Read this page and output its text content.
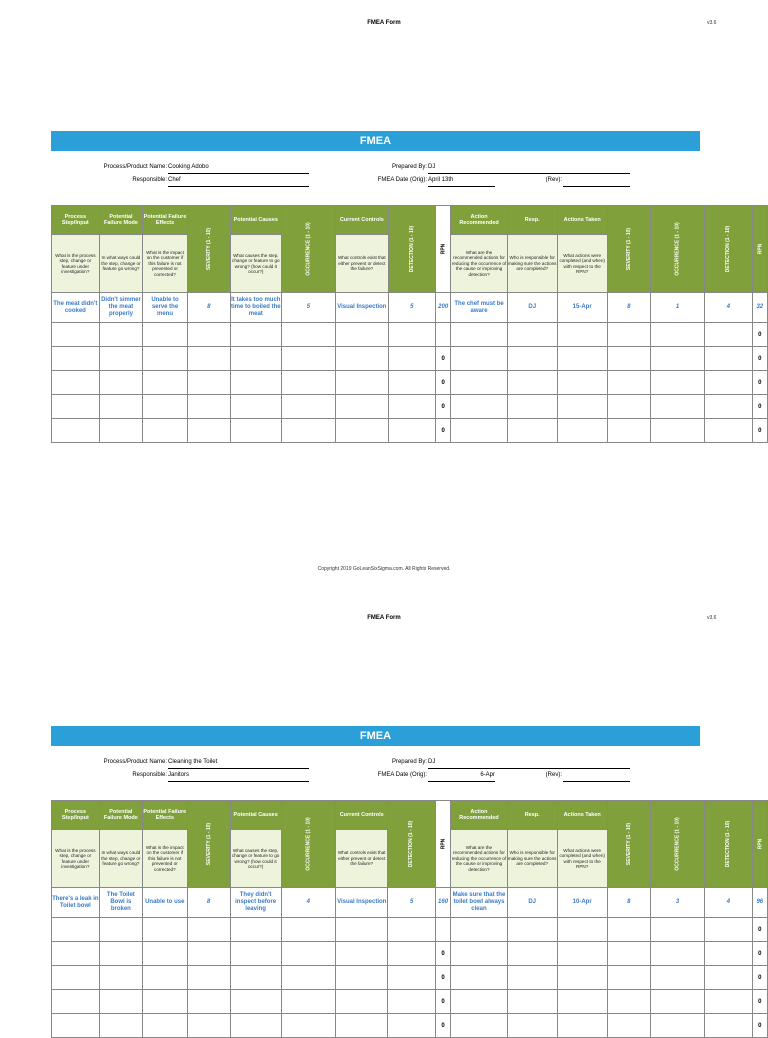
FMEA Form	v3.6
FMEA
Process/Product Name: Cooking Adobo
Responsible: Chef
Prepared By: DJ
FMEA Date (Orig): April 13th	(Rev):
Process Step/Input	Potential Failure Mode	Potential Failure Effects	SEVERITY (1 - 10)	Potential Causes	OCCURRENCE (1 - 10)	Current Controls	DETECTION (1 - 10)	RPN	Action Recommended	Resp.	Actions Taken	SEVERITY (1 - 10)	OCCURRENCE (1 - 10)	DETECTION (1 - 10)	RPN
What is the process step, change or feature under investigation?	In what ways could the step, change or feature go wrong?	What is the impact on the customer if this failure is not prevented or corrected?		What causes the step, change or feature to go wrong? (how could it occur?)		What controls exist that either prevent or detect the failure?			What are the recommended actions for reducing the occurrence of the cause or improving detection?	Who is responsible for making sure the actions are completed?	What actions were completed (and when) with respect to the RPN?				
The meat didn't cooked	Didn't simmer the meat properly	Unable to serve the menu	8	It takes too much time to boiled the meat	5	Visual Inspection	5	200	The chef must be aware	DJ	15-Apr	8	1	4	32
															0
								0							0
								0							0
								0							0
								0							0
Copyright 2019 GoLeanSixSigma.com. All Rights Reserved.
FMEA Form	v3.6
FMEA
Process/Product Name: Cleaning the Toilet
Responsible: Janitors
Prepared By: DJ
FMEA Date (Orig):	6-Apr	(Rev):
Process Step/Input	Potential Failure Mode	Potential Failure Effects	SEVERITY (1 - 10)	Potential Causes	OCCURRENCE (1 - 10)	Current Controls	DETECTION (1 - 10)	RPN	Action Recommended	Resp.	Actions Taken	SEVERITY (1 - 10)	OCCURRENCE (1 - 10)	DETECTION (1 - 10)	RPN
What is the process step, change or feature under investigation?	In what ways could the step, change or feature go wrong?	What is the impact on the customer if this failure is not prevented or corrected?		What causes the step, change or feature to go wrong? (how could it occur?)		What controls exist that either prevent or detect the failure?			What are the recommended actions for reducing the occurrence of the cause or improving detection?	Who is responsible for making sure the actions are completed?	What actions were completed (and when) with respect to the RPN?				
There's a leak in Toilet bowl	The Toilet Bowl is broken	Unable to use	8	They didn't inspect before leaving	4	Visual Inspection	5	160	Make sure that the toilet bowl always clean	DJ	10-Apr	8	3	4	96
															0
								0							0
								0							0
								0							0
								0							0
